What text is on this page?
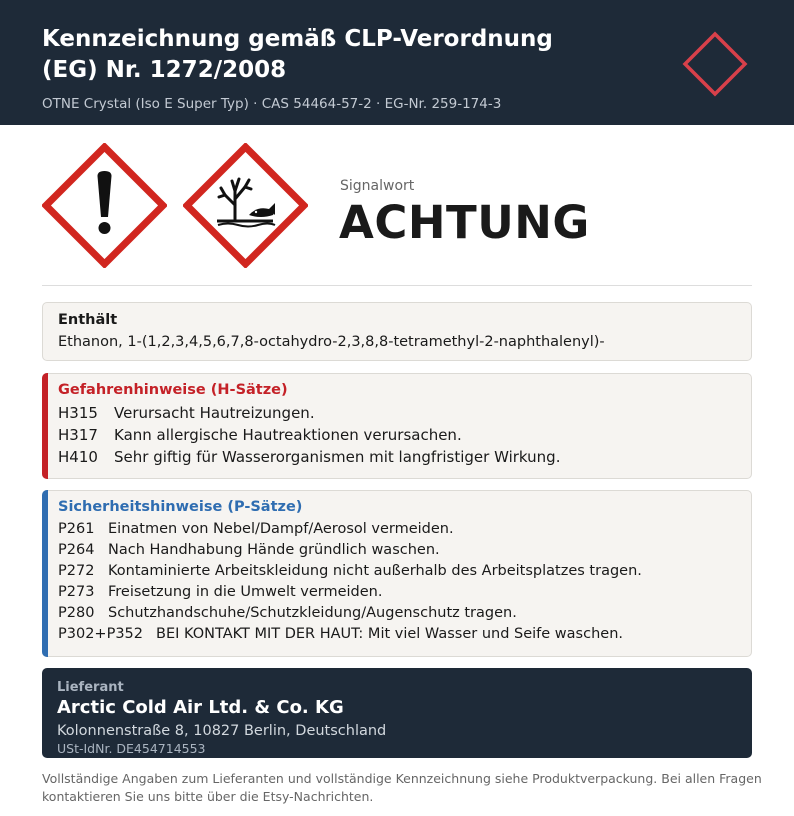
Kennzeichnung gemäß CLP-Verordnung (EG) Nr. 1272/2008
OTNE Crystal (Iso E Super Typ) · CAS 54464-57-2 · EG-Nr. 259-174-3
Signalwort
ACHTUNG
Enthält
Ethanon, 1-(1,2,3,4,5,6,7,8-octahydro-2,3,8,8-tetramethyl-2-naphthalenyl)-
Gefahrenhinweise (H-Sätze)
H315 Verursacht Hautreizungen.
H317 Kann allergische Hautreaktionen verursachen.
H410 Sehr giftig für Wasserorganismen mit langfristiger Wirkung.
Sicherheitshinweise (P-Sätze)
P261 Einatmen von Nebel/Dampf/Aerosol vermeiden.
P264 Nach Handhabung Hände gründlich waschen.
P272 Kontaminierte Arbeitskleidung nicht außerhalb des Arbeitsplatzes tragen.
P273 Freisetzung in die Umwelt vermeiden.
P280 Schutzhandschuhe/Schutzkleidung/Augenschutz tragen.
P302+P352 BEI KONTAKT MIT DER HAUT: Mit viel Wasser und Seife waschen.
Lieferant
Arctic Cold Air Ltd. & Co. KG
Kolonnenstraße 8, 10827 Berlin, Deutschland
USt-IdNr. DE454714553
Vollständige Angaben zum Lieferanten und vollständige Kennzeichnung siehe Produktverpackung. Bei allen Fragen kontaktieren Sie uns bitte über die Etsy-Nachrichten.
